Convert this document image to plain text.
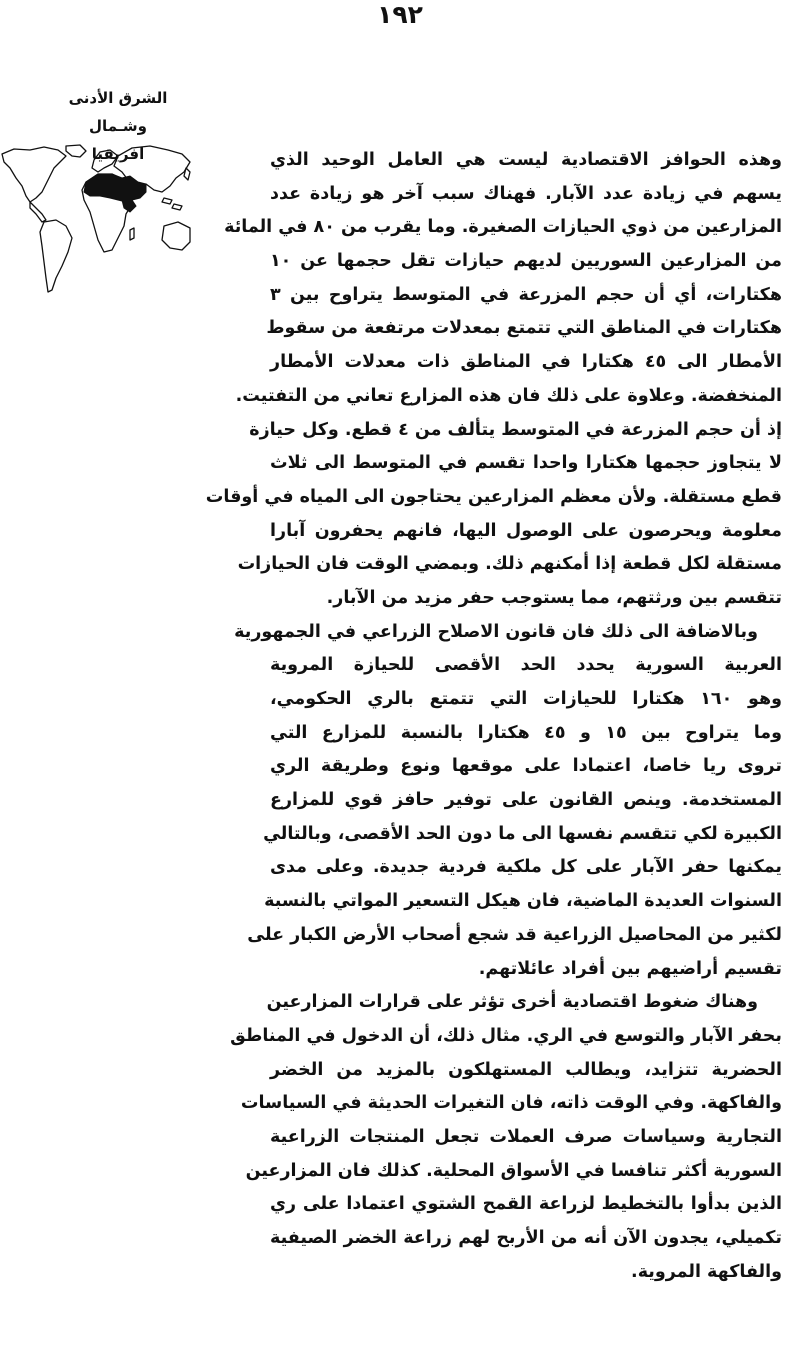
١٩٢
الشرق الأدنى وشـمال
افريقيا	وهذه الحوافز الاقتصادية ليست هي العامل الوحيد الذي
يسهم في زيادة عدد الآبار. فهناك سبب آخر هو زيادة عدد
المزارعين من ذوي الحيازات الصغيرة. وما يقرب من ٨٠ في المائة
من المزارعين السوريين لديهم حيازات تقل حجمها عن ١٠
هكتارات، أي أن حجم المزرعة في المتوسط يتراوح بين ٣
هكتارات في المناطق التي تتمتع بمعدلات مرتفعة من سقوط
الأمطار الى ٤٥ هكتارا في المناطق ذات معدلات الأمطار
المنخفضة. وعلاوة على ذلك فان هذه المزارع تعاني من التفتيت.
إذ أن حجم المزرعة في المتوسط يتألف من ٤ قطع. وكل حيازة
لا يتجاوز حجمها هكتارا واحدا تقسم في المتوسط الى ثلاث
قطع مستقلة. ولأن معظم المزارعين يحتاجون الى المياه في أوقات
معلومة ويحرصون على الوصول اليها، فانهم يحفرون آبارا
مستقلة لكل قطعة إذا أمكنهم ذلك. وبمضي الوقت فان الحيازات
تتقسم بين ورثتهم، مما يستوجب حفر مزيد من الآبار.
وبالاضافة الى ذلك فان قانون الاصلاح الزراعي في الجمهورية
العربية السورية يحدد الحد الأقصى للحيازة المروية
وهو ١٦٠ هكتارا للحيازات التي تتمتع بالري الحكومي،
وما يتراوح بين ١٥ و ٤٥ هكتارا بالنسبة للمزارع التي
تروى ريا خاصا، اعتمادا على موقعها ونوع وطريقة الري
المستخدمة. وينص القانون على توفير حافز قوي للمزارع
الكبيرة لكي تتقسم نفسها الى ما دون الحد الأقصى، وبالتالي
يمكنها حفر الآبار على كل ملكية فردية جديدة. وعلى مدى
السنوات العديدة الماضية، فان هيكل التسعير المواتي بالنسبة
لكثير من المحاصيل الزراعية قد شجع أصحاب الأرض الكبار على
تقسيم أراضيهم بين أفراد عائلاتهم.
وهناك ضغوط اقتصادية أخرى تؤثر على قرارات المزارعين
بحفر الآبار والتوسع في الري. مثال ذلك، أن الدخول في المناطق
الحضرية تتزايد، ويطالب المستهلكون بالمزيد من الخضر
والفاكهة. وفي الوقت ذاته، فان التغيرات الحديثة في السياسات
التجارية وسياسات صرف العملات تجعل المنتجات الزراعية
السورية أكثر تنافسا في الأسواق المحلية. كذلك فان المزارعين
الذين بدأوا بالتخطيط لزراعة القمح الشتوي اعتمادا على ري
تكميلي، يجدون الآن أنه من الأربح لهم زراعة الخضر الصيفية
والفاكهة المروية.
